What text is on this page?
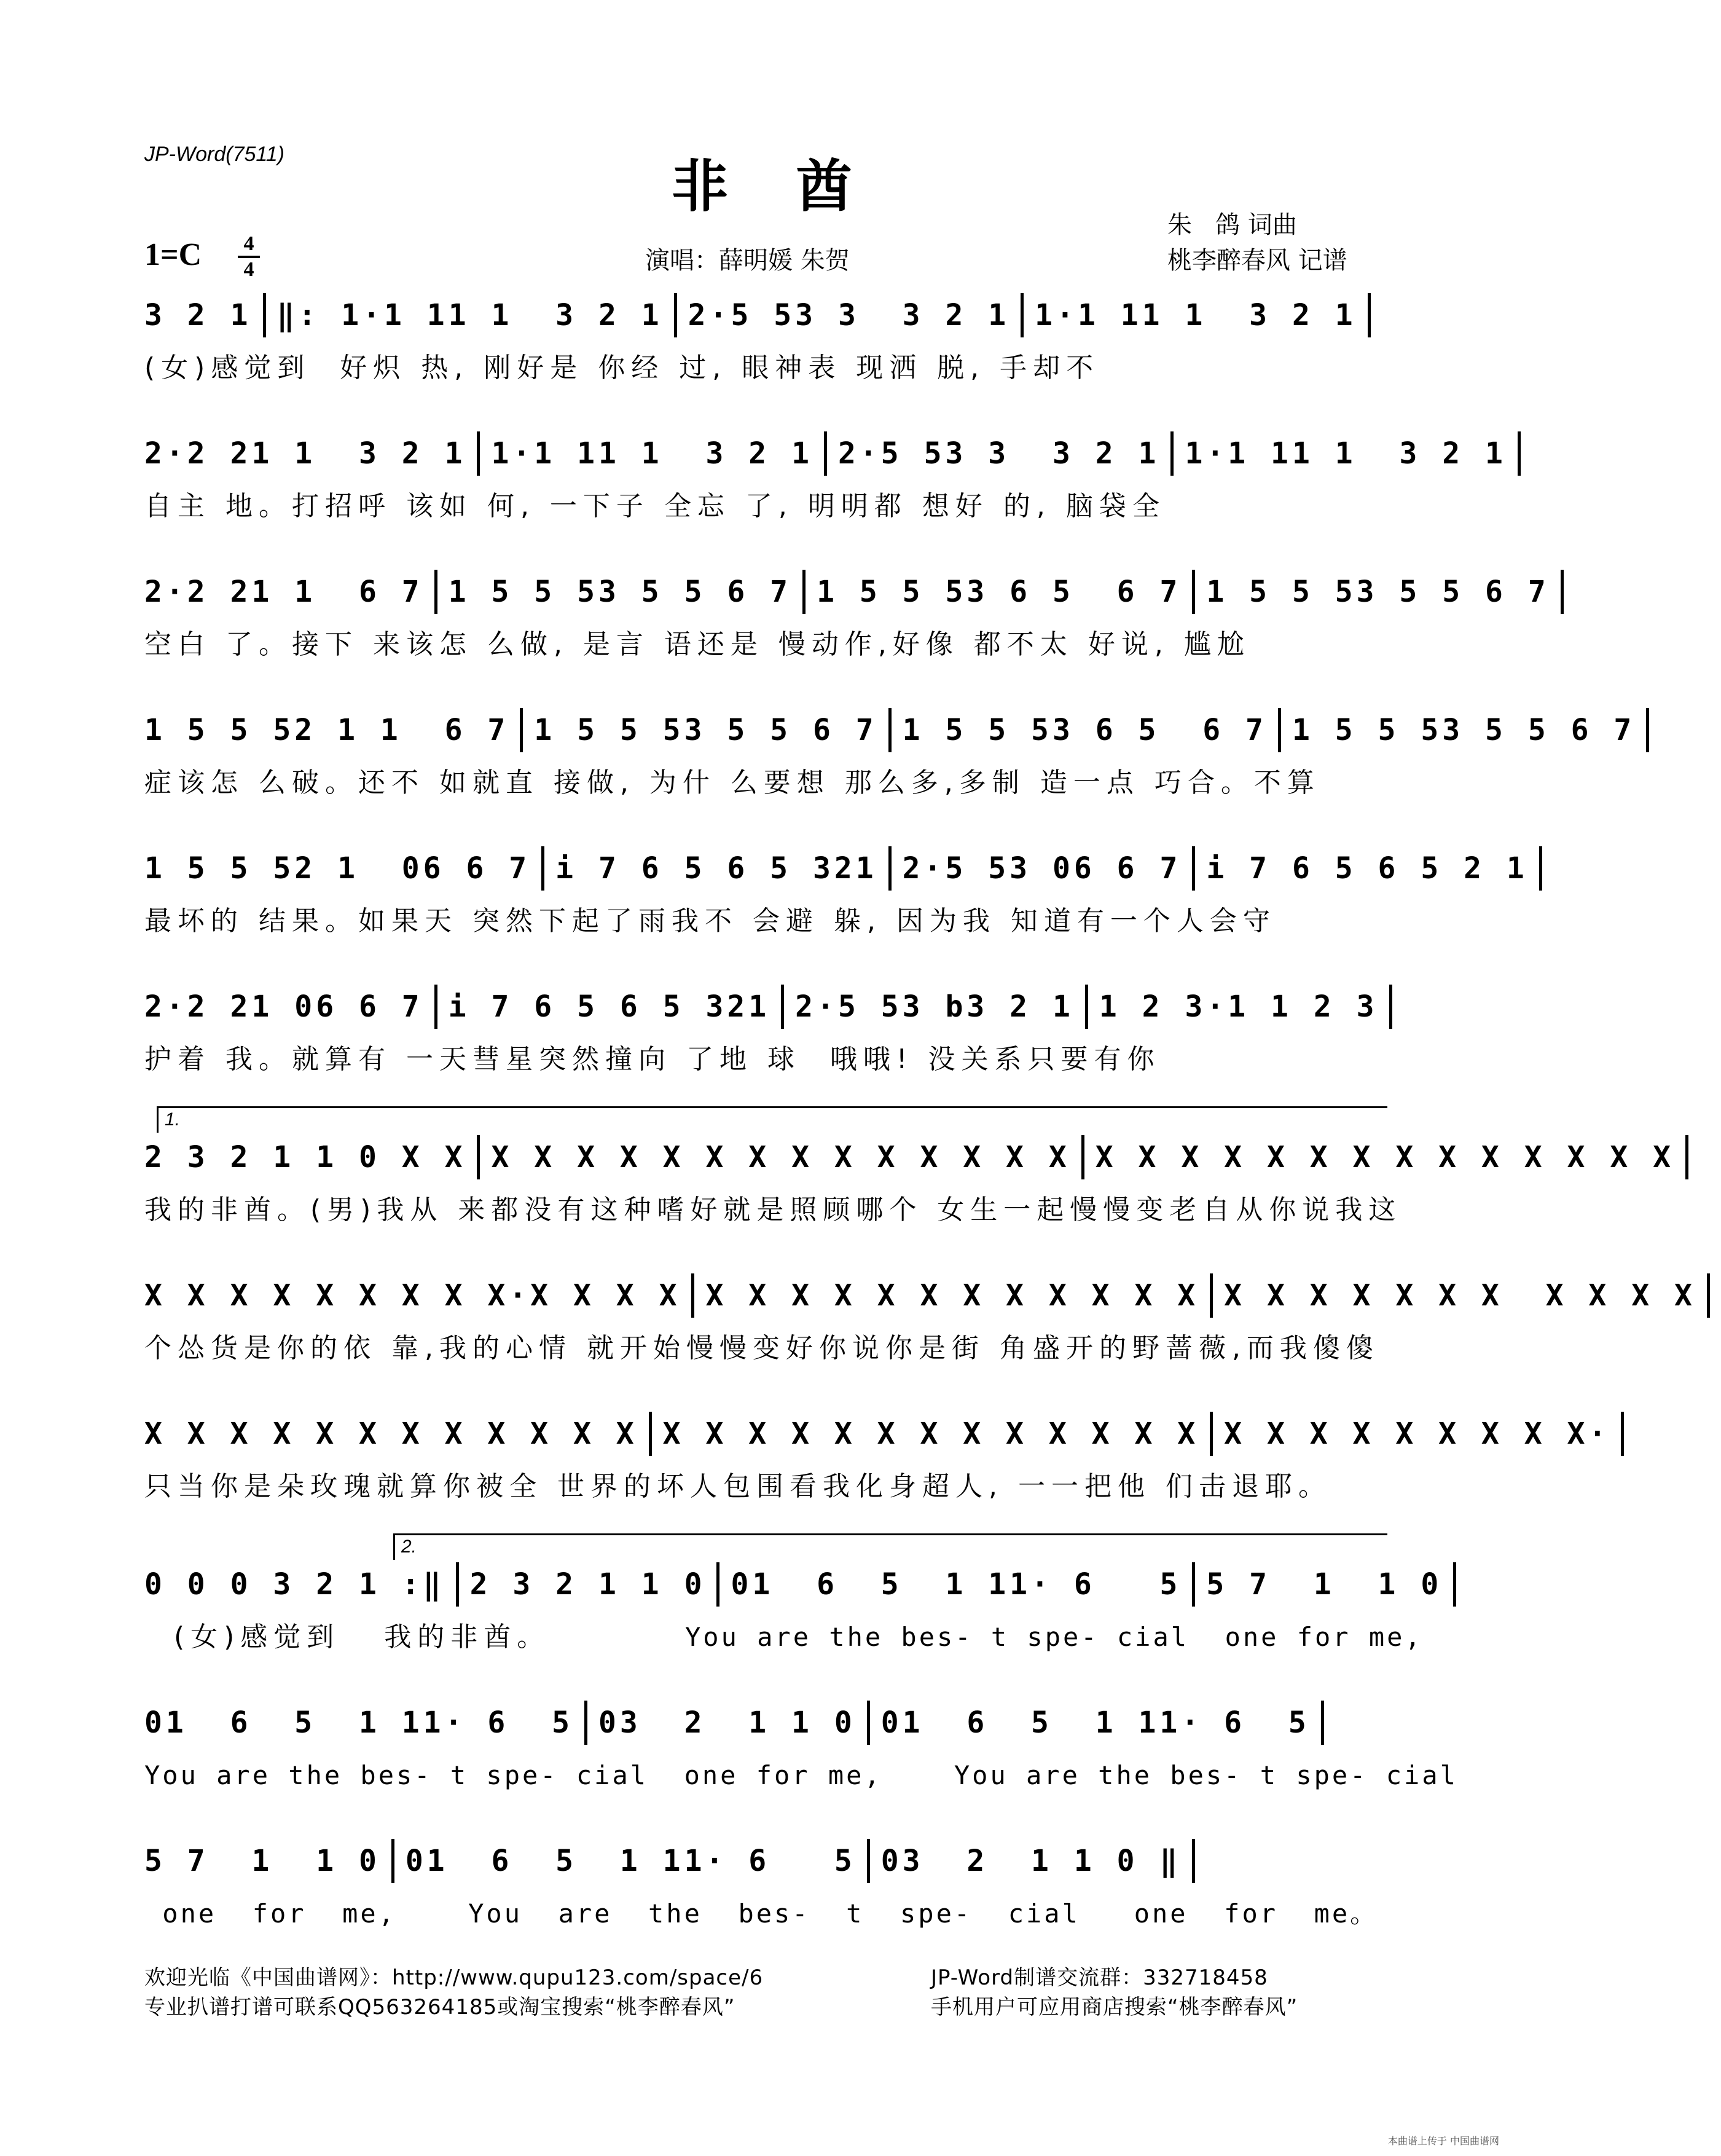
JP-Word(7511)	非酋
1=C	4
4	演唱：薛明媛 朱贺
朱   鸽 词曲
桃李醉春风 记谱
3 2 1 ‖: 1·1 11 1  3 2 1 2·5 53 3  3 2 1 1·1 11 1  3 2 1
(女)感觉到  好炽 热, 刚好是 你经 过, 眼神表 现洒 脱, 手却不
2·2 21 1  3 2 1 1·1 11 1  3 2 1 2·5 53 3  3 2 1 1·1 11 1  3 2 1
自主 地。打招呼 该如 何, 一下子 全忘 了, 明明都 想好 的, 脑袋全
2·2 21 1  6 7 1 5 5 53 5 5 6 7 1 5 5 53 6 5  6 7 1 5 5 53 5 5 6 7
空白 了。接下 来该怎 么做, 是言 语还是 慢动作,好像 都不太 好说, 尴尬
1 5 5 52 1 1  6 7 1 5 5 53 5 5 6 7 1 5 5 53 6 5  6 7 1 5 5 53 5 5 6 7
症该怎 么破。还不 如就直 接做, 为什 么要想 那么多,多制 造一点 巧合。不算
1 5 5 52 1  06 6 7 i 7 6 5 6 5 321 2·5 53 06 6 7 i 7 6 5 6 5 2 1
最坏的 结果。如果天 突然下起了雨我不 会避 躲, 因为我 知道有一个人会守
2·2 21 06 6 7 i 7 6 5 6 5 321 2·5 53 b3 2 1 1 2 3·1 1 2 3
护着 我。就算有 一天彗星突然撞向 了地 球  哦哦! 没关系只要有你
1.
2 3 2 1 1 0 X X X X X X X X X X X X X X X X X X X X X X X X X X X X X X
我的非酋。(男)我从 来都没有这种嗜好就是照顾哪个 女生一起慢慢变老自从你说我这
X X X X X X X X X·X X X X X X X X X X X X X X X X X X X X X X X  X X X X
个怂货是你的依 靠,我的心情 就开始慢慢变好你说你是街 角盛开的野蔷薇,而我傻傻
X X X X X X X X X X X X X X X X X X X X X X X X X X X X X X X X X X·
只当你是朵玫瑰就算你被全 世界的坏人包围看我化身超人, 一一把他 们击退耶。
2.
0 0 0 3 2 1 :‖ 2 3 2 1 1 0 01  6  5  1 11· 6   5 5 7  1  1 0
(女)感觉到   我的非酋。	You are the bes- t spe- cial  one for me,
01  6  5  1 11· 6  5 03  2  1 1 0 01  6  5  1 11· 6  5
You are the bes- t spe- cial  one for me,    You are the bes- t spe- cial
5 7  1  1 0 01  6  5  1 11· 6   5 03  2  1 1 0 ‖
one  for  me,    You  are  the  bes-  t  spe-  cial   one  for  me。
欢迎光临《中国曲谱网》：http://www.qupu123.com/space/6
专业扒谱打谱可联系QQ563264185或淘宝搜索“桃李醉春风”
JP-Word制谱交流群：332718458
手机用户可应用商店搜索“桃李醉春风”
本曲谱上传于 中国曲谱网
